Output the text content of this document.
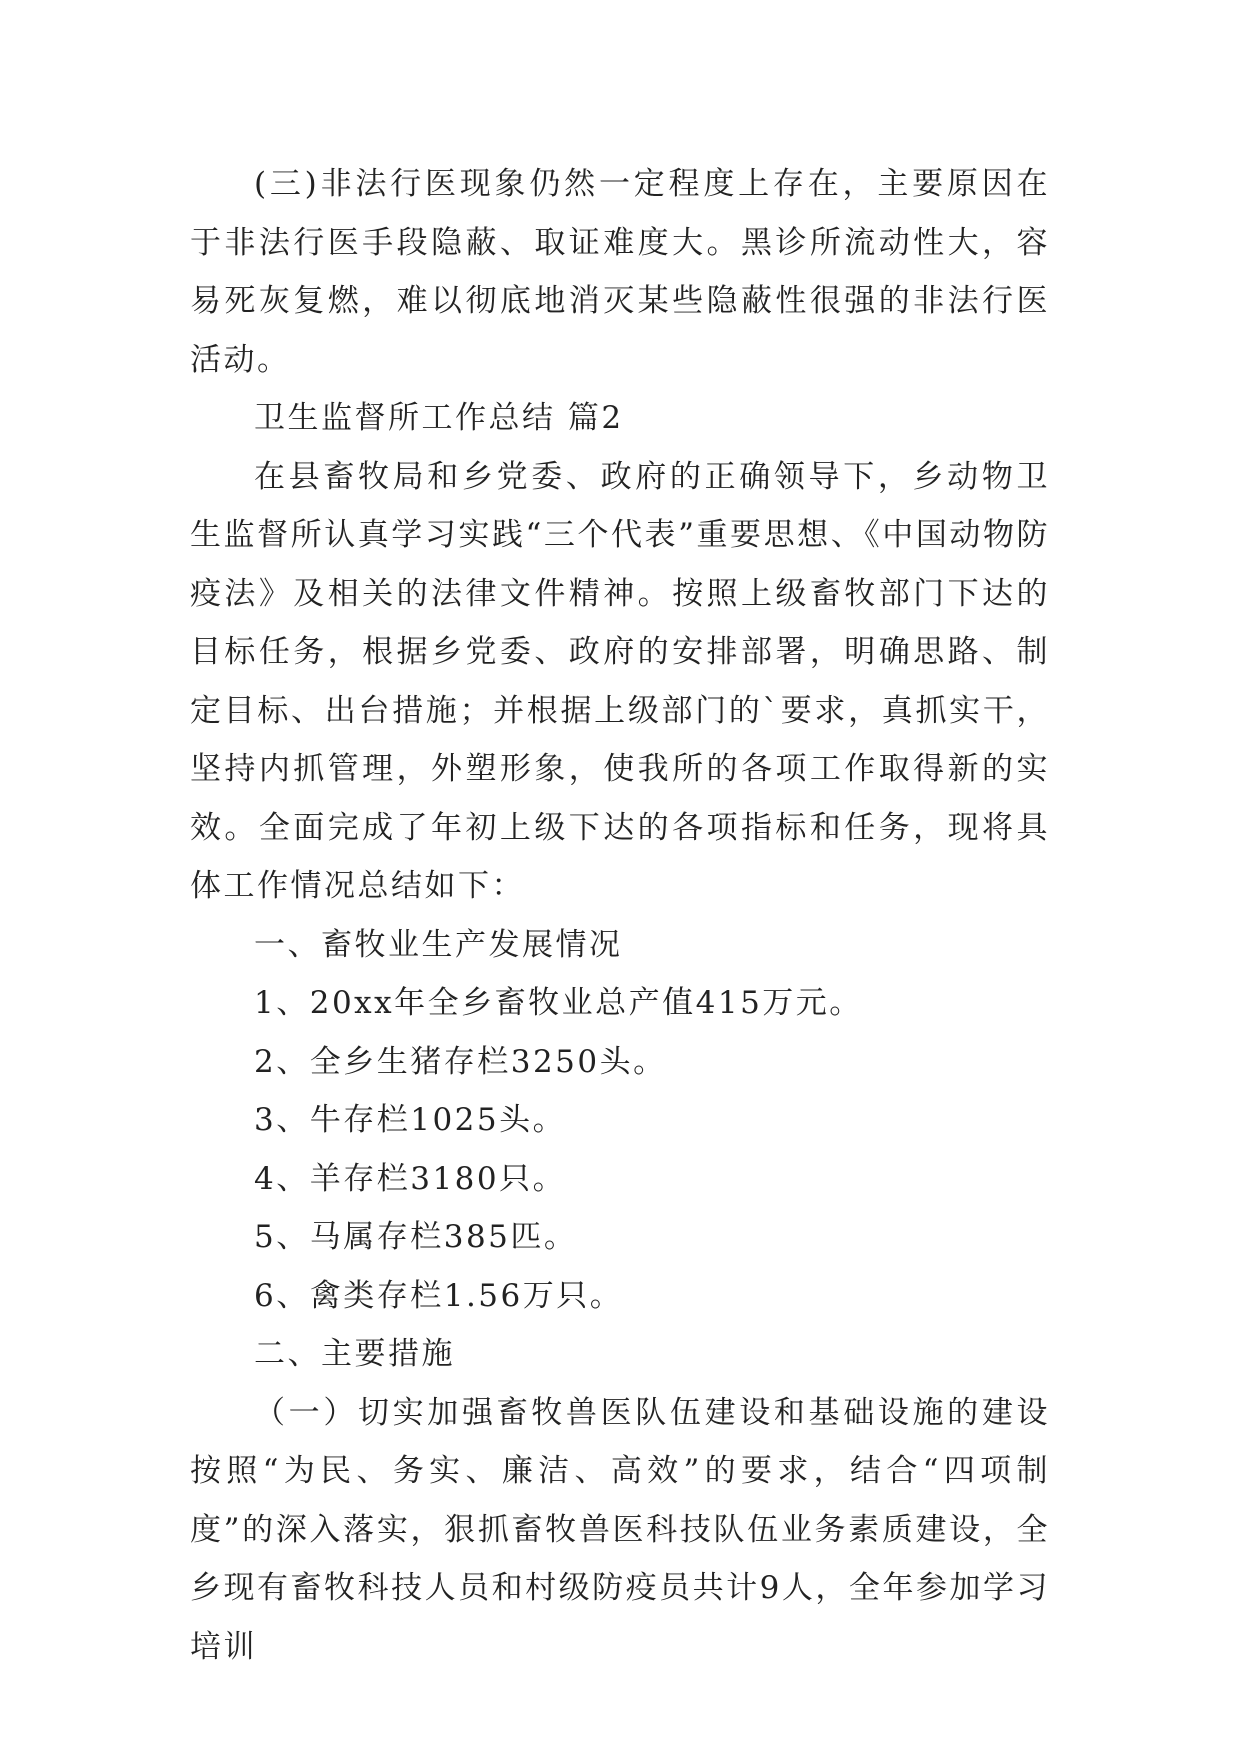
(三)非法行医现象仍然一定程度上存在，主要原因在于非法行医手段隐蔽、取证难度大。黑诊所流动性大，容易死灰复燃，难以彻底地消灭某些隐蔽性很强的非法行医活动。

卫生监督所工作总结 篇2

在县畜牧局和乡党委、政府的正确领导下，乡动物卫生监督所认真学习实践“三个代表”重要思想、《中国动物防疫法》及相关的法律文件精神。按照上级畜牧部门下达的目标任务，根据乡党委、政府的安排部署，明确思路、制定目标、出台措施；并根据上级部门的`要求，真抓实干，坚持内抓管理，外塑形象，使我所的各项工作取得新的实效。全面完成了年初上级下达的各项指标和任务，现将具体工作情况总结如下：

一、畜牧业生产发展情况

1、20xx年全乡畜牧业总产值415万元。

2、全乡生猪存栏3250头。

3、牛存栏1025头。

4、羊存栏3180只。

5、马属存栏385匹。

6、禽类存栏1.56万只。

二、主要措施

（一）切实加强畜牧兽医队伍建设和基础设施的建设按照“为民、务实、廉洁、高效”的要求，结合“四项制度”的深入落实，狠抓畜牧兽医科技队伍业务素质建设，全乡现有畜牧科技人员和村级防疫员共计9人，全年参加学习培训
